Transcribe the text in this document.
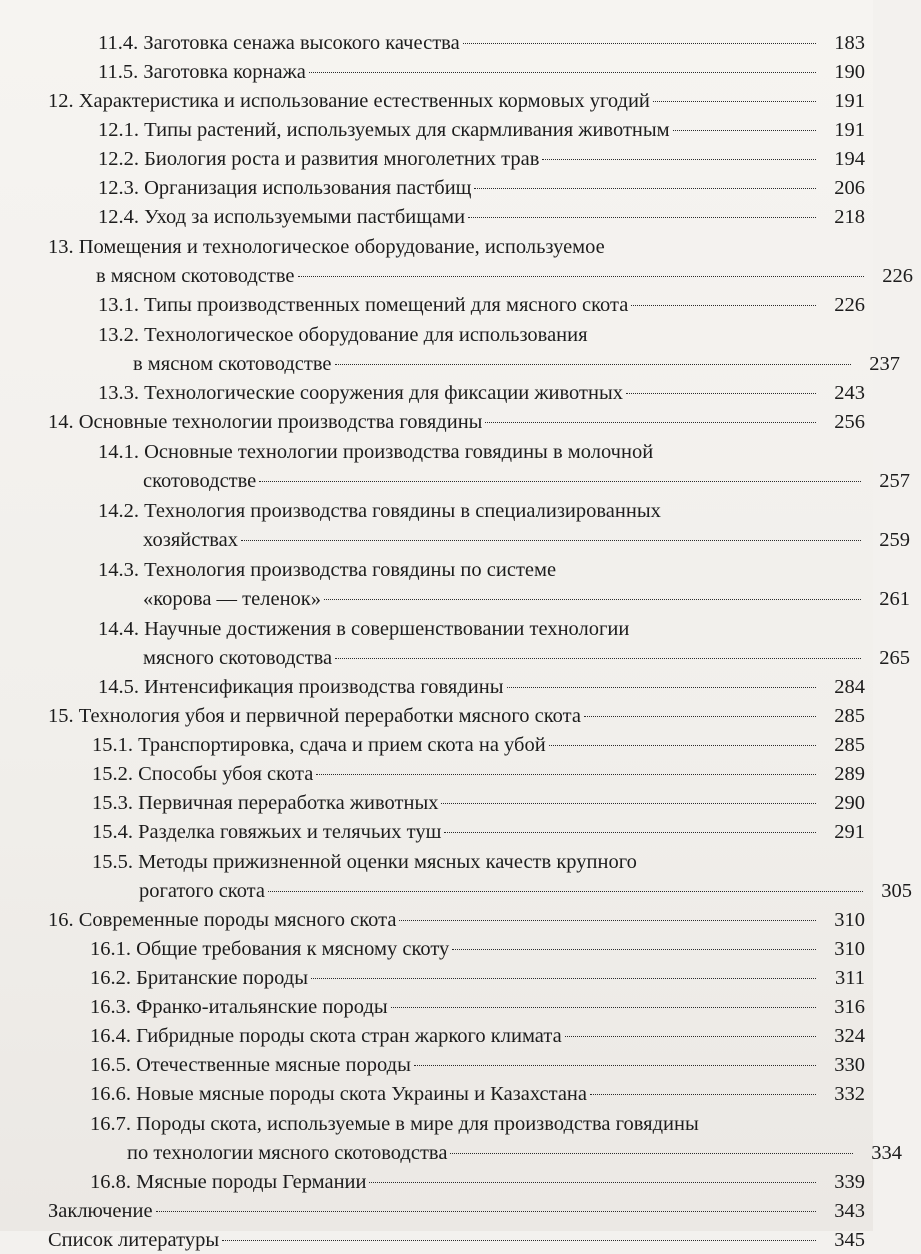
11.4. Заготовка сенажа высокого качества	183
11.5. Заготовка корнажа	190
12. Характеристика и использование естественных кормовых угодий	191
12.1. Типы растений, используемых для скармливания животным	191
12.2. Биология роста и развития многолетних трав	194
12.3. Организация использования пастбищ	206
12.4. Уход за используемыми пастбищами	218
13. Помещения и технологическое оборудование, используемое
в мясном скотоводстве	226
13.1. Типы производственных помещений для мясного скота	226
13.2. Технологическое оборудование для использования
в мясном скотоводстве	237
13.3. Технологические сооружения для фиксации животных	243
14. Основные технологии производства говядины	256
14.1. Основные технологии производства говядины в молочной
скотоводстве	257
14.2. Технология производства говядины в специализированных
хозяйствах	259
14.3. Технология производства говядины по системе
«корова — теленок»	261
14.4. Научные достижения в совершенствовании технологии
мясного скотоводства	265
14.5. Интенсификация производства говядины	284
15. Технология убоя и первичной переработки мясного скота	285
15.1. Транспортировка, сдача и прием скота на убой	285
15.2. Способы убоя скота	289
15.3. Первичная переработка животных	290
15.4. Разделка говяжьих и телячьих туш	291
15.5. Методы прижизненной оценки мясных качеств крупного
рогатого скота	305
16. Современные породы мясного скота	310
16.1. Общие требования к мясному скоту	310
16.2. Британские породы	311
16.3. Франко-итальянские породы	316
16.4. Гибридные породы скота стран жаркого климата	324
16.5. Отечественные мясные породы	330
16.6. Новые мясные породы скота Украины и Казахстана	332
16.7. Породы скота, используемые в мире для производства говядины
по технологии мясного скотоводства	334
16.8. Мясные породы Германии	339
Заключение	343
Список литературы	345
